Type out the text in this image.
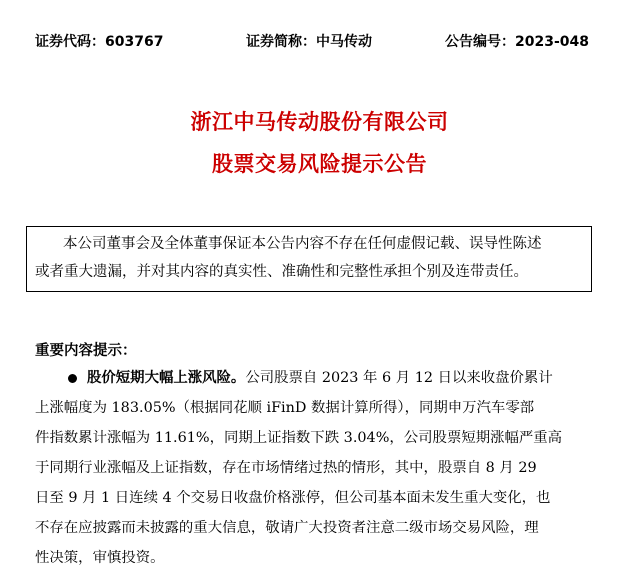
证券代码：603767	证券简称：中马传动	公告编号：2023-048
浙江中马传动股份有限公司
股票交易风险提示公告
本公司董事会及全体董事保证本公告内容不存在任何虚假记载、误导性陈述
或者重大遗漏，并对其内容的真实性、准确性和完整性承担个别及连带责任。
重要内容提示：
股价短期大幅上涨风险。公司股票自 2023 年 6 月 12 日以来收盘价累计
上涨幅度为 183.05%（根据同花顺 iFinD 数据计算所得），同期申万汽车零部
件指数累计涨幅为 11.61%，同期上证指数下跌 3.04%，公司股票短期涨幅严重高
于同期行业涨幅及上证指数，存在市场情绪过热的情形，其中，股票自 8 月 29
日至 9 月 1 日连续 4 个交易日收盘价格涨停，但公司基本面未发生重大变化，也
不存在应披露而未披露的重大信息，敬请广大投资者注意二级市场交易风险，理
性决策，审慎投资。
